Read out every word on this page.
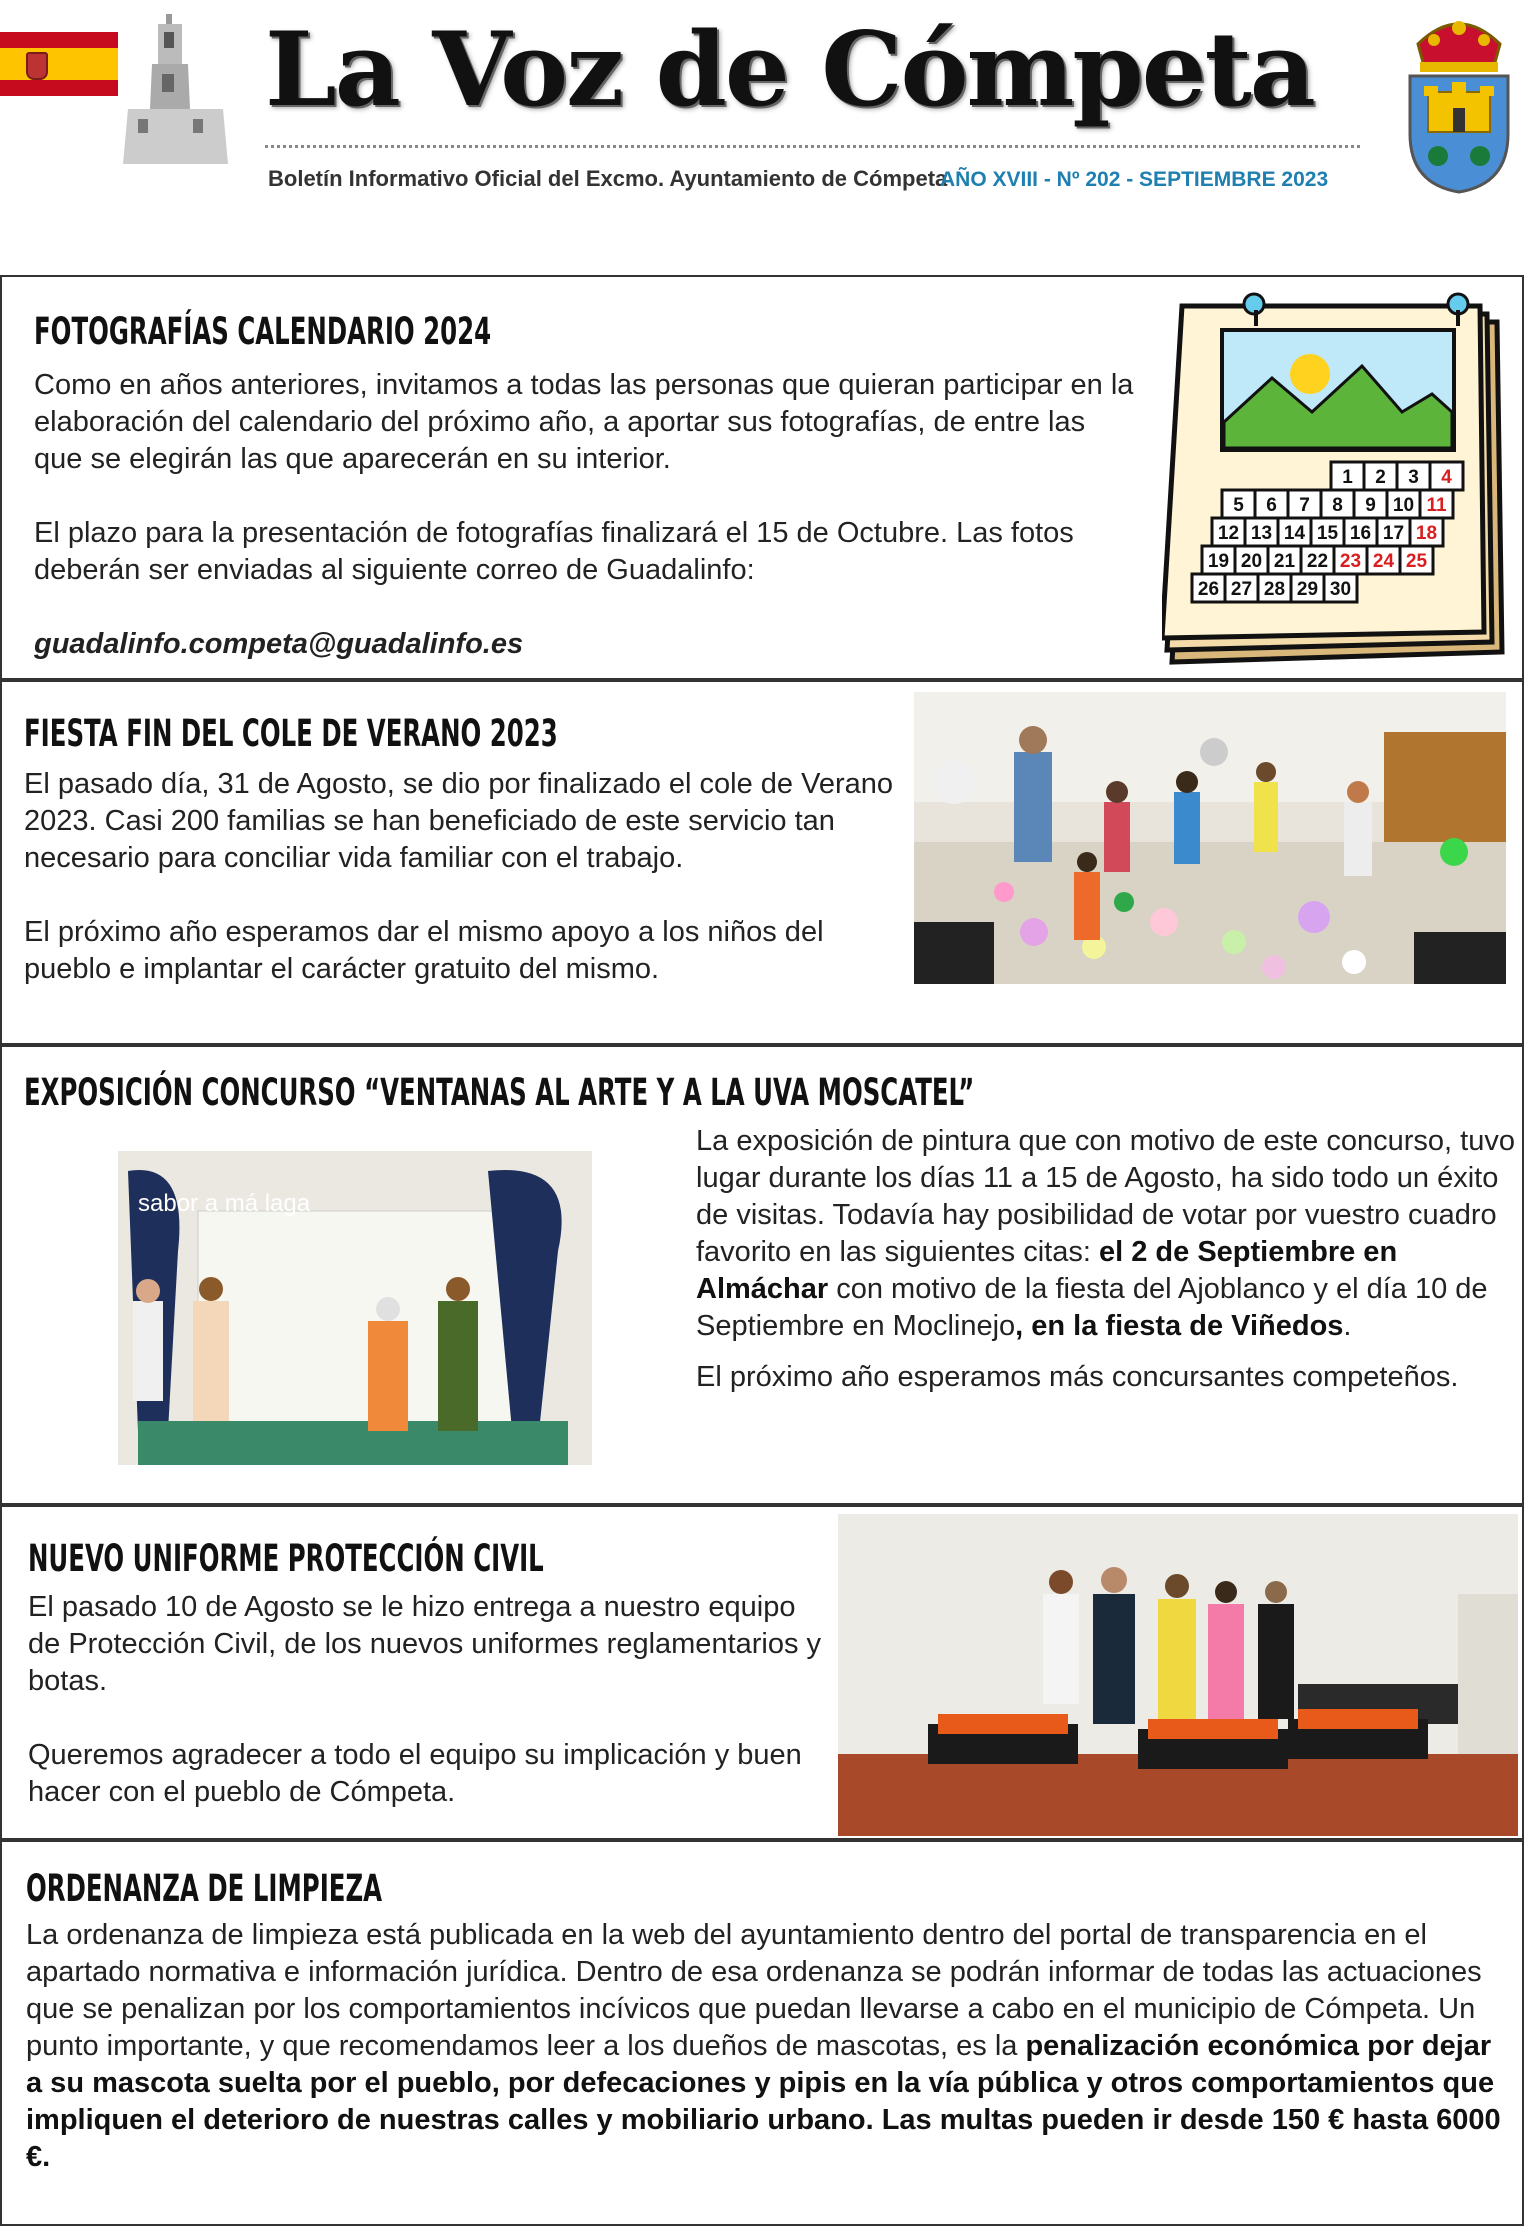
La Voz de Cómpeta
Boletín Informativo Oficial del Excmo. Ayuntamiento de Cómpeta
AÑO XVIII - Nº 202 - SEPTIEMBRE 2023
FOTOGRAFÍAS CALENDARIO 2024

Como en años anteriores, invitamos a todas las personas que quieran participar en la elaboración del calendario del próximo año, a aportar sus fotografías, de entre las que se elegirán las que aparecerán en su interior.

El plazo para la presentación de fotografías finalizará el 15 de Octubre. Las fotos deberán ser enviadas al siguiente correo de Guadalinfo:

guadalinfo.competa@guadalinfo.es

1 2 3 4
5 6 7 8 9 10 11
12 13 14 15 16 17 18
19 20 21 22 23 24 25
26 27 28 29 30
FIESTA FIN DEL COLE DE VERANO 2023

El pasado día, 31 de Agosto, se dio por finalizado el cole de Verano 2023. Casi 200 familias se han beneficiado de este servicio tan necesario para conciliar vida familiar con el trabajo.

El próximo año esperamos dar el mismo apoyo a los niños del pueblo e implantar el carácter gratuito del mismo.

EXPOSICIÓN CONCURSO “VENTANAS AL ARTE Y A LA UVA MOSCATEL”
sabor a má laga

La exposición de pintura que con motivo de este concurso, tuvo lugar durante los días 11 a 15 de Agosto, ha sido todo un éxito de visitas. Todavía hay posibilidad de votar por vuestro cuadro favorito en las siguientes citas: el 2 de Septiembre en Almáchar con motivo de la fiesta del Ajoblanco y el día 10 de Septiembre en Moclinejo, en la fiesta de Viñedos.

El próximo año esperamos más concursantes competeños.

NUEVO UNIFORME PROTECCIÓN CIVIL

El pasado 10 de Agosto se le hizo entrega a nuestro equipo de Protección Civil, de los nuevos uniformes reglamentarios y botas.

Queremos agradecer a todo el equipo su implicación y buen hacer con el pueblo de Cómpeta.

ORDENANZA DE LIMPIEZA

La ordenanza de limpieza está publicada en la web del ayuntamiento dentro del portal de transparencia en el apartado normativa e información jurídica. Dentro de esa ordenanza se podrán informar de todas las actuaciones que se penalizan por los comportamientos incívicos que puedan llevarse a cabo en el municipio de Cómpeta. Un punto importante, y que recomendamos leer a los dueños de mascotas, es la penalización económica por dejar a su mascota suelta por el pueblo, por defecaciones y pipis en la vía pública y otros comportamientos que impliquen el deterioro de nuestras calles y mobiliario urbano. Las multas pueden ir desde 150 € hasta 6000 €.
